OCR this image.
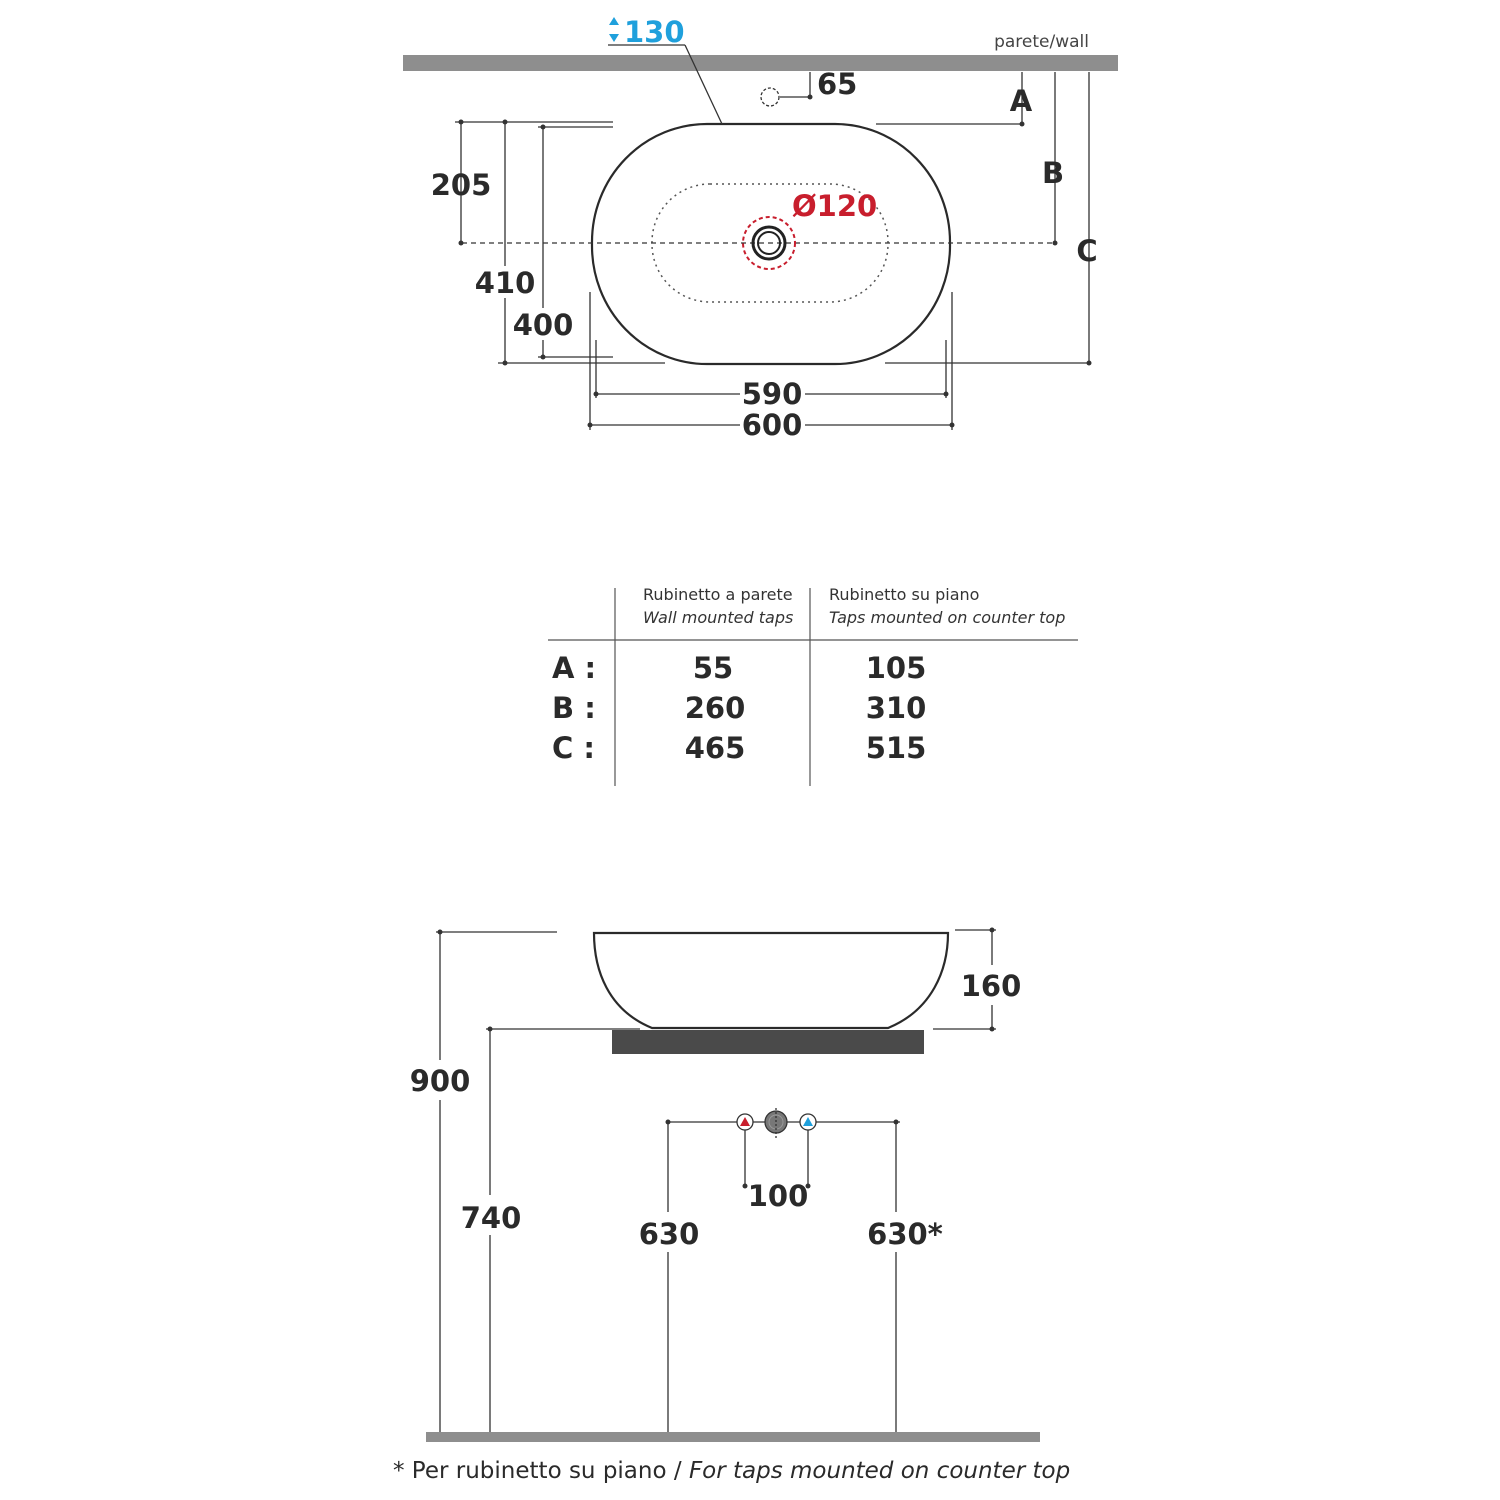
parete/wall
Ø120
65
130
A
B
C
205
410
400
590
600
Rubinetto a parete
Wall mounted taps
Rubinetto su piano
Taps mounted on counter top
A :	55	105
B :	260	310
C :	465	515
160
900
740
100
630	630*
* Per rubinetto su piano / For taps mounted on counter top
